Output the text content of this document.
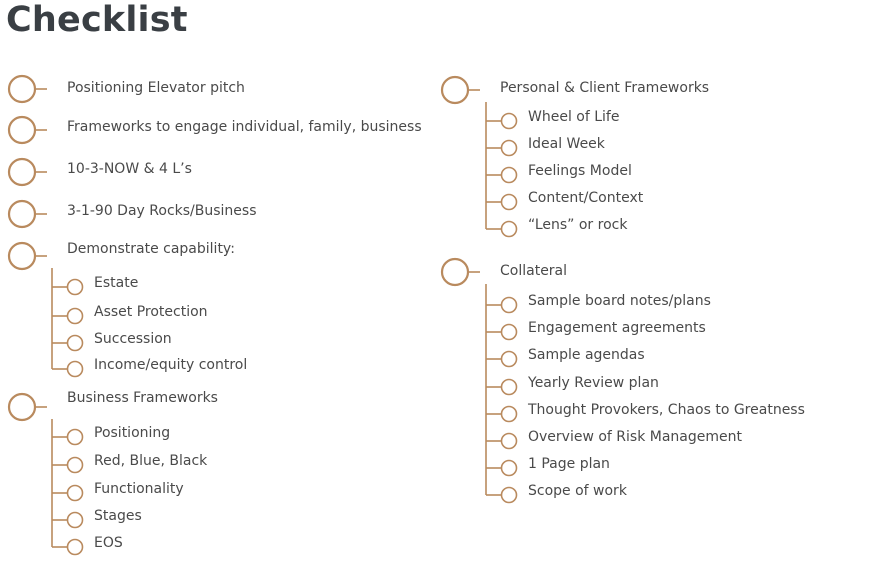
Checklist
Positioning Elevator pitch
Frameworks to engage individual, family, business
10-3-NOW & 4 L’s
3-1-90 Day Rocks/Business
Demonstrate capability:
Estate
Asset Protection
Succession
Income/equity control
Business Frameworks
Positioning
Red, Blue, Black
Functionality
Stages
EOS
Personal & Client Frameworks
Wheel of Life
Ideal Week
Feelings Model
Content/Context
“Lens” or rock
Collateral
Sample board notes/plans
Engagement agreements
Sample agendas
Yearly Review plan
Thought Provokers, Chaos to Greatness
Overview of Risk Management
1 Page plan
Scope of work
